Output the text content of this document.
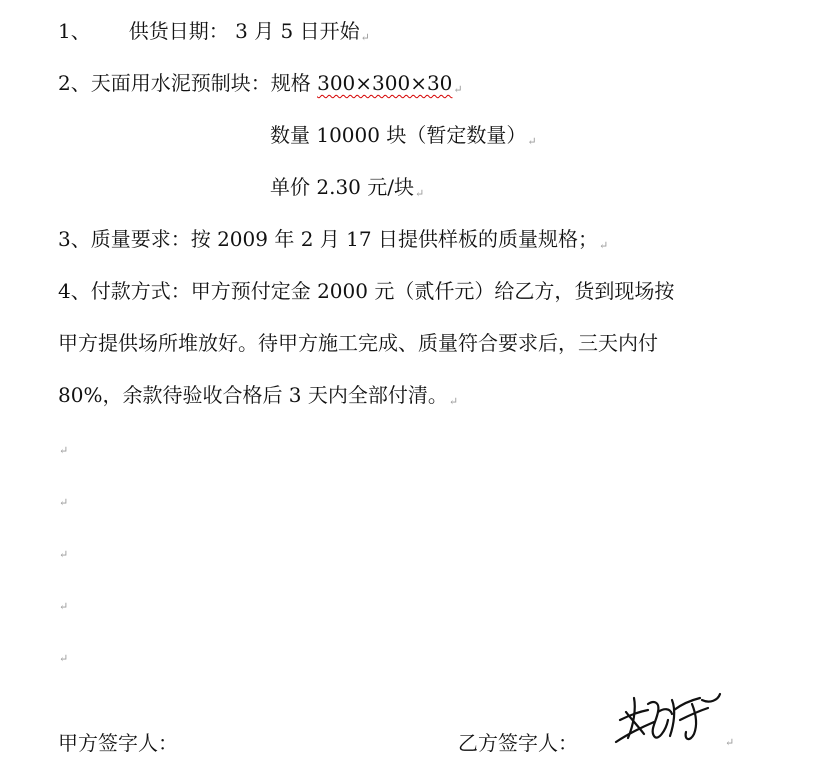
1、 供货日期： 3 月 5 日开始↵
2、天面用水泥预制块：规格 300×300×30↵
数量 10000 块（暂定数量）↵
单价 2.30 元/块↵
3、质量要求：按 2009 年 2 月 17 日提供样板的质量规格；↵
4、付款方式：甲方预付定金 2000 元（贰仟元）给乙方，货到现场按
甲方提供场所堆放好。待甲方施工完成、质量符合要求后，三天内付
80%，余款待验收合格后 3 天内全部付清。↵
↵
↵
↵
↵
↵
甲方签字人：	乙方签字人：	↵
